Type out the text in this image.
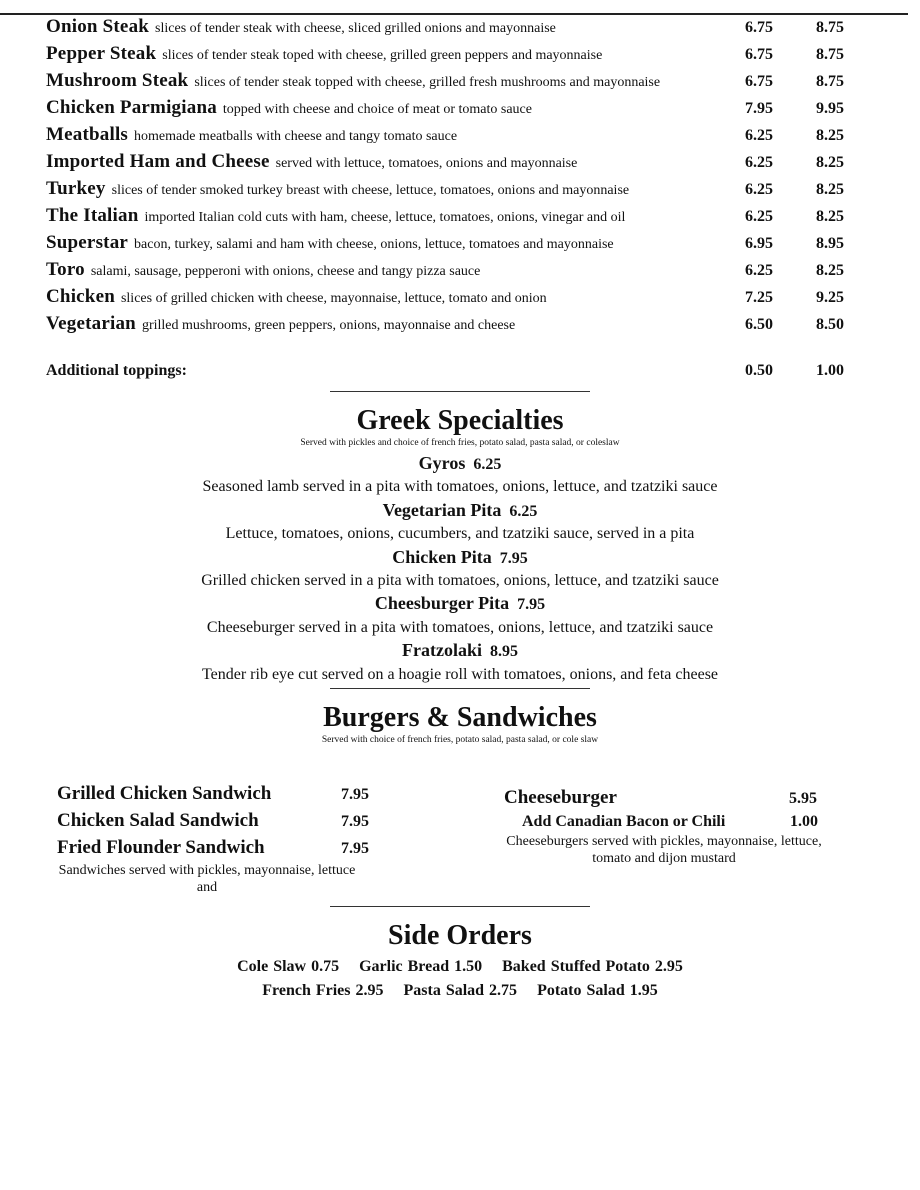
Onion Steak slices of tender steak with cheese, sliced grilled onions and mayonnaise	6.75	8.75
Pepper Steak slices of tender steak toped with cheese, grilled green peppers and mayonnaise	6.75	8.75
Mushroom Steak slices of tender steak topped with cheese, grilled fresh mushrooms and mayonnaise	6.75	8.75
Chicken Parmigiana topped with cheese and choice of meat or tomato sauce	7.95	9.95
Meatballs homemade meatballs with cheese and tangy tomato sauce	6.25	8.25
Imported Ham and Cheese served with lettuce, tomatoes, onions and mayonnaise	6.25	8.25
Turkey slices of tender smoked turkey breast with cheese, lettuce, tomatoes, onions and mayonnaise	6.25	8.25
The Italian imported Italian cold cuts with ham, cheese, lettuce, tomatoes, onions, vinegar and oil	6.25	8.25
Superstar bacon, turkey, salami and ham with cheese, onions, lettuce, tomatoes and mayonnaise	6.95	8.95
Toro salami, sausage, pepperoni with onions, cheese and tangy pizza sauce	6.25	8.25
Chicken slices of grilled chicken with cheese, mayonnaise, lettuce, tomato and onion	7.25	9.25
Vegetarian grilled mushrooms, green peppers, onions, mayonnaise and cheese	6.50	8.50
Additional toppings:	0.50	1.00
Greek Specialties
Served with pickles and choice of french fries, potato salad, pasta salad, or coleslaw
Gyros 6.25
Seasoned lamb served in a pita with tomatoes, onions, lettuce, and tzatziki sauce
Vegetarian Pita 6.25
Lettuce, tomatoes, onions, cucumbers, and tzatziki sauce, served in a pita
Chicken Pita 7.95
Grilled chicken served in a pita with tomatoes, onions, lettuce, and tzatziki sauce
Cheesburger Pita 7.95
Cheeseburger served in a pita with tomatoes, onions, lettuce, and tzatziki sauce
Fratzolaki 8.95
Tender rib eye cut served on a hoagie roll with tomatoes, onions, and feta cheese
Burgers & Sandwiches
Served with choice of french fries, potato salad, pasta salad, or cole slaw
Grilled Chicken Sandwich	7.95
Chicken Salad Sandwich	7.95
Fried Flounder Sandwich	7.95
Sandwiches served with pickles, mayonnaise, lettuce and
Cheeseburger	5.95
Add Canadian Bacon or Chili	1.00
Cheeseburgers served with pickles, mayonnaise, lettuce, tomato and dijon mustard
Side Orders
Cole Slaw 0.75 Garlic Bread 1.50 Baked Stuffed Potato 2.95
French Fries 2.95 Pasta Salad 2.75 Potato Salad 1.95
